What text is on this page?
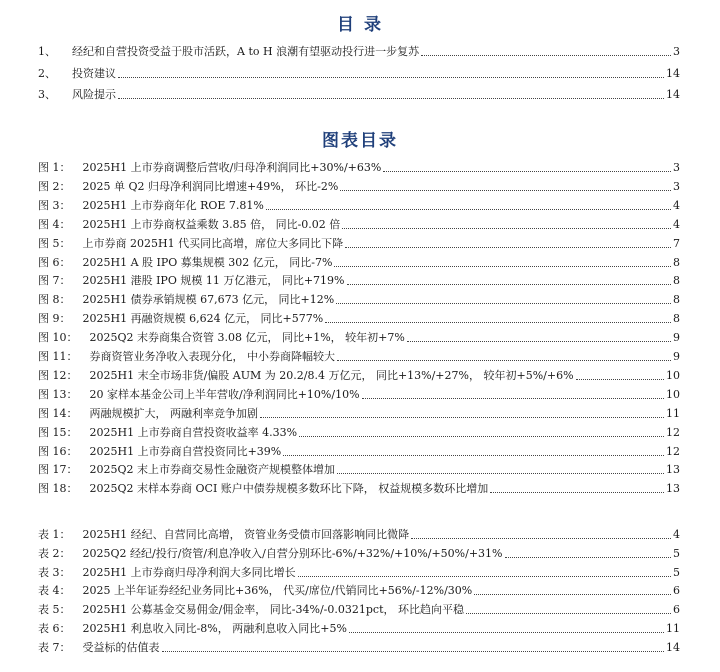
目 录
1、 经纪和自营投资受益于股市活跃，A to H 浪潮有望驱动投行进一步复苏	3
2、 投资建议	14
3、 风险提示	14
图表目录
图 1： 2025H1 上市券商调整后营收/归母净利润同比+30%/+63%	3
图 2： 2025 单 Q2 归母净利润同比增速+49%， 环比-2%	3
图 3： 2025H1 上市券商年化 ROE 7.81%	4
图 4： 2025H1 上市券商权益乘数 3.85 倍， 同比-0.02 倍	4
图 5： 上市券商 2025H1 代买同比高增，席位大多同比下降	7
图 6： 2025H1 A 股 IPO 募集规模 302 亿元， 同比-7%	8
图 7： 2025H1 港股 IPO 规模 11 万亿港元， 同比+719%	8
图 8： 2025H1 债券承销规模 67,673 亿元， 同比+12%	8
图 9： 2025H1 再融资规模 6,624 亿元， 同比+577%	8
图 10： 2025Q2 末券商集合资管 3.08 亿元， 同比+1%， 较年初+7%	9
图 11： 券商资管业务净收入表现分化， 中小券商降幅较大	9
图 12： 2025H1 末全市场非货/偏股 AUM 为 20.2/8.4 万亿元， 同比+13%/+27%， 较年初+5%/+6%	10
图 13： 20 家样本基金公司上半年营收/净利润同比+10%/10%	10
图 14： 两融规模扩大， 两融利率竞争加剧	11
图 15： 2025H1 上市券商自营投资收益率 4.33%	12
图 16： 2025H1 上市券商自营投资同比+39%	12
图 17： 2025Q2 末上市券商交易性金融资产规模整体增加	13
图 18： 2025Q2 末样本券商 OCI 账户中债券规模多数环比下降， 权益规模多数环比增加	13
表 1： 2025H1 经纪、自营同比高增， 资管业务受债市回落影响同比微降	4
表 2： 2025Q2 经纪/投行/资管/利息净收入/自营分别环比-6%/+32%/+10%/+50%/+31%	5
表 3： 2025H1 上市券商归母净利润大多同比增长	5
表 4： 2025 上半年证券经纪业务同比+36%， 代买/席位/代销同比+56%/-12%/30%	6
表 5： 2025H1 公募基金交易佣金/佣金率， 同比-34%/-0.0321pct， 环比趋向平稳	6
表 6： 2025H1 利息收入同比-8%， 两融利息收入同比+5%	11
表 7： 受益标的估值表	14
